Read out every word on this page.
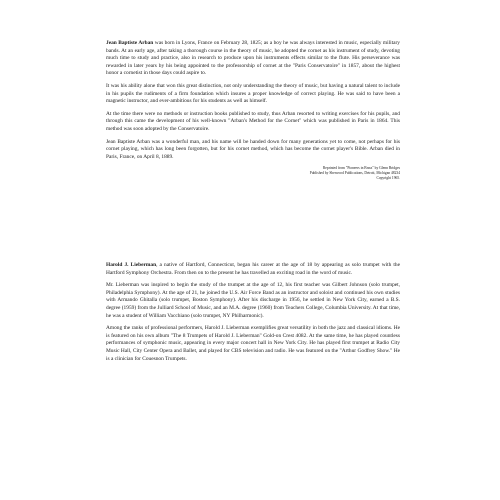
Jean Baptiste Arban was born in Lyons, France on February 28, 1825; as a boy he was always interested in music, especially military bands. At an early age, after taking a thorough course in the theory of music, he adopted the cornet as his instrument of study, devoting much time to study and practice, also in research to produce upon his instruments effects similar to the flute. His perseverance was rewarded in later years by his being appointed to the professorship of cornet at the "Paris Conservatoire" in 1857, about the highest honor a cornetist in those days could aspire to.

It was his ability alone that won this great distinction, not only understanding the theory of music, but having a natural talent to include in his pupils the rudiments of a firm foundation which insures a proper knowledge of correct playing. He was said to have been a magnetic instructor, and ever-ambitious for his students as well as himself.

At the time there were no methods or instruction books published to study, thus Arban resorted to writing exercises for his pupils, and through this came the development of his well-known "Arban's Method for the Cornet" which was published in Paris in 1864. This method was soon adopted by the Conservatoire.

Jean Baptiste Arban was a wonderful man, and his name will be handed down for many generations yet to come, not perhaps for his cornet playing, which has long been forgotten, but for his cornet method, which has become the cornet player's Bible. Arban died in Paris, France, on April 8, 1889.

Reprinted from "Pioneers in Brass" by Glenn Bridges
Published by Sherwood Publications, Detroit, Michigan 48234
Copyright 1965.

Harold J. Lieberman, a native of Hartford, Connecticut, began his career at the age of 18 by appearing as solo trumpet with the Hartford Symphony Orchestra. From then on to the present he has travelled an exciting road in the word of music.

Mr. Lieberman was inspired to begin the study of the trumpet at the age of 12, his first teacher was Gilbert Johnson (solo trumpet, Philadelphia Symphony). At the age of 21, he joined the U.S. Air Force Band as an instructor and soloist and continued his own studies with Armando Ghitalla (solo trumpet, Boston Symphony). After his discharge in 1956, he settled in New York City, earned a B.S. degree (1959) from the Julliard School of Music, and an M.A. degree (1960) from Teachers College, Columbia University. At that time, he was a student of William Vacchiano (solo trumpet, NY Philharmonic).

Among the ranks of professional performers, Harold J. Lieberman exemplifies great versatility in both the jazz and classical idioms. He is featured on his own album "The 8 Trumpets of Harold J. Lieberman" Gold-on Crest 4082. At the same time, he has played countless performances of symphonic music, appearing in every major concert hall in New York City. He has played first trumpet at Radio City Music Hall, City Center Opera and Ballet, and played for CBS television and radio. He was featured on the "Arthur Godfrey Show." He is a clinician for Couesnon Trumpets.
